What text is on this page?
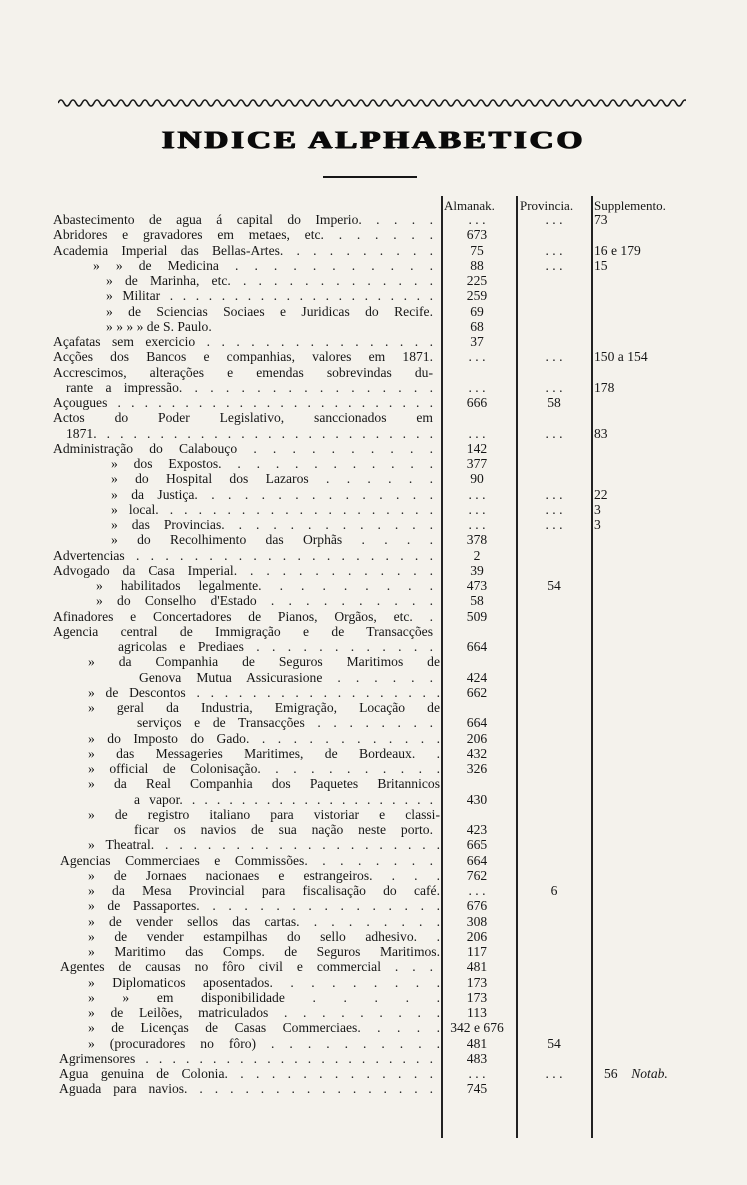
INDICE ALPHABETICO
Almanak. Provincia. Supplemento.
Abastecimento de agua á capital do Imperio. . . . .	. . .	. . .	73
Abridores e gravadores em metaes, etc. . . . . . .	673
Academia Imperial das Bellas-Artes. . . . . . . . . .	75	. . .	16 e 179
» » de Medicina . . . . . . . . . . .	88	. . .	15
» de Marinha, etc. . . . . . . . . . . . . .	225
» Militar . . . . . . . . . . . . . . . . . . . . .	259
» de Sciencias Sociaes e Juridicas do Recife.	69
» » » » de S. Paulo.	68
Açafatas sem exercicio . . . . . . . . . . . . . . . .	37
Acções dos Bancos e companhias, valores em 1871.	. . .	. . .	150 a 154
Accrescimos, alterações e emendas sobrevindas du-
rante a impressão. . . . . . . . . . . . . . . . .	. . .	. . .	178
Açougues . . . . . . . . . . . . . . . . . . . . . . . .	666	58
Actos do Poder Legislativo, sanccionados em
1871. . . . . . . . . . . . . . . . . . . . . . . . . .	. . .	. . .	83
Administração do Calabouço . . . . . . . . . .	142
» dos Expostos. . . . . . . . . . . .	377
» do Hospital dos Lazaros . . . . . .	90
» da Justiça. . . . . . . . . . . . . . .	. . .	. . .	22
» local. . . . . . . . . . . . . . . . . . . .	. . .	. . .	3
» das Provincias. . . . . . . . . . . . .	. . .	. . .	3
» do Recolhimento das Orphãs . . . .	378
Advertencias . . . . . . . . . . . . . . . . . . . . .	2
Advogado da Casa Imperial. . . . . . . . . . . . .	39
» habilitados legalmente. . . . . . . . .	473	54
» do Conselho d'Estado . . . . . . . . . .	58
Afinadores e Concertadores de Pianos, Orgãos, etc. .	509
Agencia central de Immigração e de Transacções
agricolas e Prediaes . . . . . . . . . . . .	664
» da Companhia de Seguros Maritimos de
Genova Mutua Assicurasione . . . . . .	424
» de Descontos . . . . . . . . . . . . . . . . . .	662
» geral da Industria, Emigração, Locação de
serviços e de Transacções . . . . . . . .	664
» do Imposto do Gado. . . . . . . . . . . . .	206
» das Messageries Maritimes, de Bordeaux. .	432
» official de Colonisação. . . . . . . . . . .	326
» da Real Companhia dos Paquetes Britannicos
a vapor. . . . . . . . . . . . . . . . . . . . .	430
» de registro italiano para vistoriar e classi-
ficar os navios de sua nação neste porto.	423
» Theatral. . . . . . . . . . . . . . . . . . . . .	665
Agencias Commerciaes e Commissões. . . . . . . .	664
» de Jornaes nacionaes e estrangeiros. . . .	762
» da Mesa Provincial para fiscalisação do café.	. . .	6
» de Passaportes. . . . . . . . . . . . . . . .	676
» de vender sellos das cartas. . . . . . . . .	308
» de vender estampilhas do sello adhesivo. .	206
» Maritimo das Comps. de Seguros Maritimos.	117
Agentes de causas no fôro civil e commercial . . .	481
» Diplomaticos aposentados. . . . . . . . .	173
» » em disponibilidade . . . . .	173
» de Leilões, matriculados . . . . . . . . .	113
» de Licenças de Casas Commerciaes. . . . . 342 e 676
» (procuradores no fôro) . . . . . . . . . .	481	54
Agrimensores . . . . . . . . . . . . . . . . . . . . . .	483
Agua genuina de Colonia. . . . . . . . . . . . . .	. . .	. . .	56  Notab.
Aguada para navios. . . . . . . . . . . . . . . . .	745
